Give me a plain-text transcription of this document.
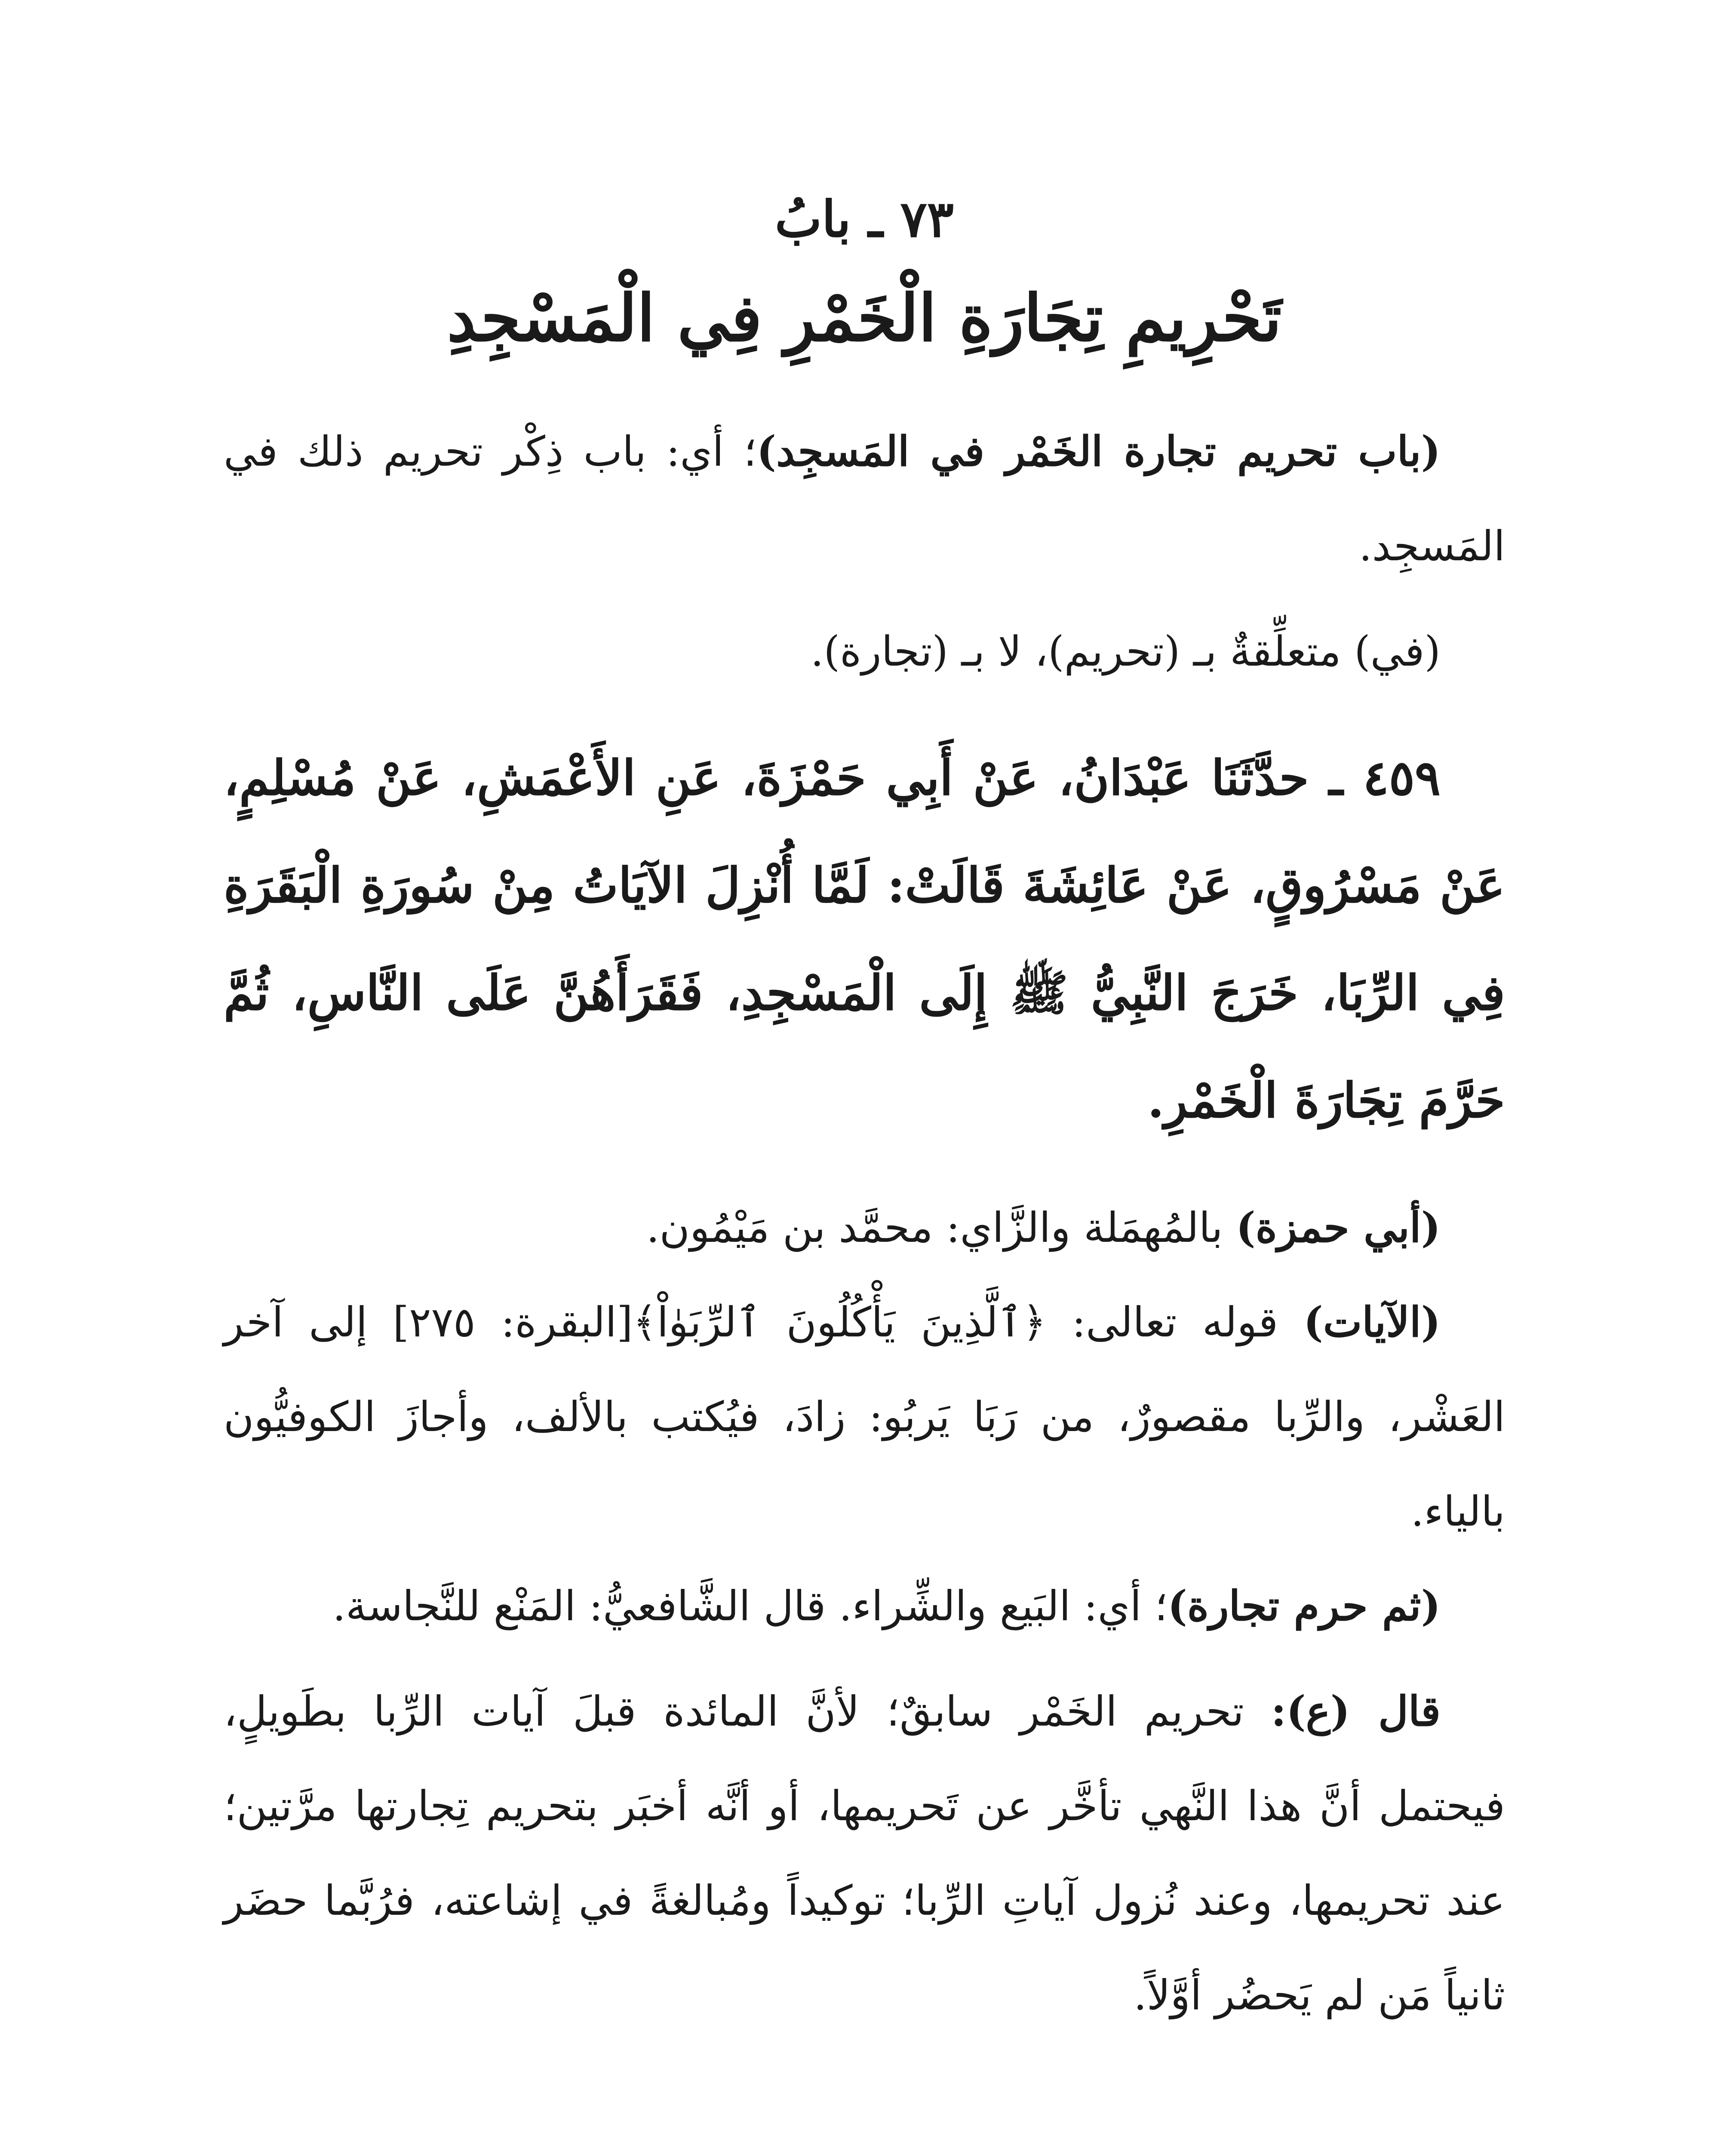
٧٣ ـ بابُ
تَحْرِيمِ تِجَارَةِ الْخَمْرِ فِي الْمَسْجِدِ

(باب تحريم تجارة الخَمْر في المَسجِد)؛ أي: باب ذِكْر تحريم ذلك في المَسجِد.

(في) متعلِّقةٌ بـ (تحريم)، لا بـ (تجارة).

٤٥٩ ـ حدَّثَنَا عَبْدَانُ، عَنْ أَبِي حَمْزَةَ، عَنِ الأَعْمَشِ، عَنْ مُسْلِمٍ، عَنْ مَسْرُوقٍ، عَنْ عَائِشَةَ قَالَتْ: لَمَّا أُنْزِلَ الآيَاتُ مِنْ سُورَةِ الْبَقَرَةِ فِي الرِّبَا، خَرَجَ النَّبِيُّ ﷺ إِلَى الْمَسْجِدِ، فَقَرَأَهُنَّ عَلَى النَّاسِ، ثُمَّ حَرَّمَ تِجَارَةَ الْخَمْرِ.

(أبي حمزة) بالمُهمَلة والزَّاي: محمَّد بن مَيْمُون.

(الآيات) قوله تعالى: ﴿ٱلَّذِينَ يَأْكُلُونَ ٱلرِّبَوٰاْ﴾[البقرة: ٢٧٥] إلى آخر العَشْر، والرِّبا مقصورٌ، من رَبَا يَربُو: زادَ، فيُكتب بالألف، وأجازَ الكوفيُّون بالياء.

(ثم حرم تجارة)؛ أي: البَيع والشِّراء. قال الشَّافعيُّ: المَنْع للنَّجاسة.

قال (ع): تحريم الخَمْر سابقٌ؛ لأنَّ المائدة قبلَ آيات الرِّبا بطَويلٍ، فيحتمل أنَّ هذا النَّهي تأخَّر عن تَحريمها، أو أنَّه أخبَر بتحريم تِجارتها مرَّتين؛ عند تحريمها، وعند نُزول آياتِ الرِّبا؛ توكيداً ومُبالغةً في إشاعته، فرُبَّما حضَر ثانياً مَن لم يَحضُر أوَّلاً.
